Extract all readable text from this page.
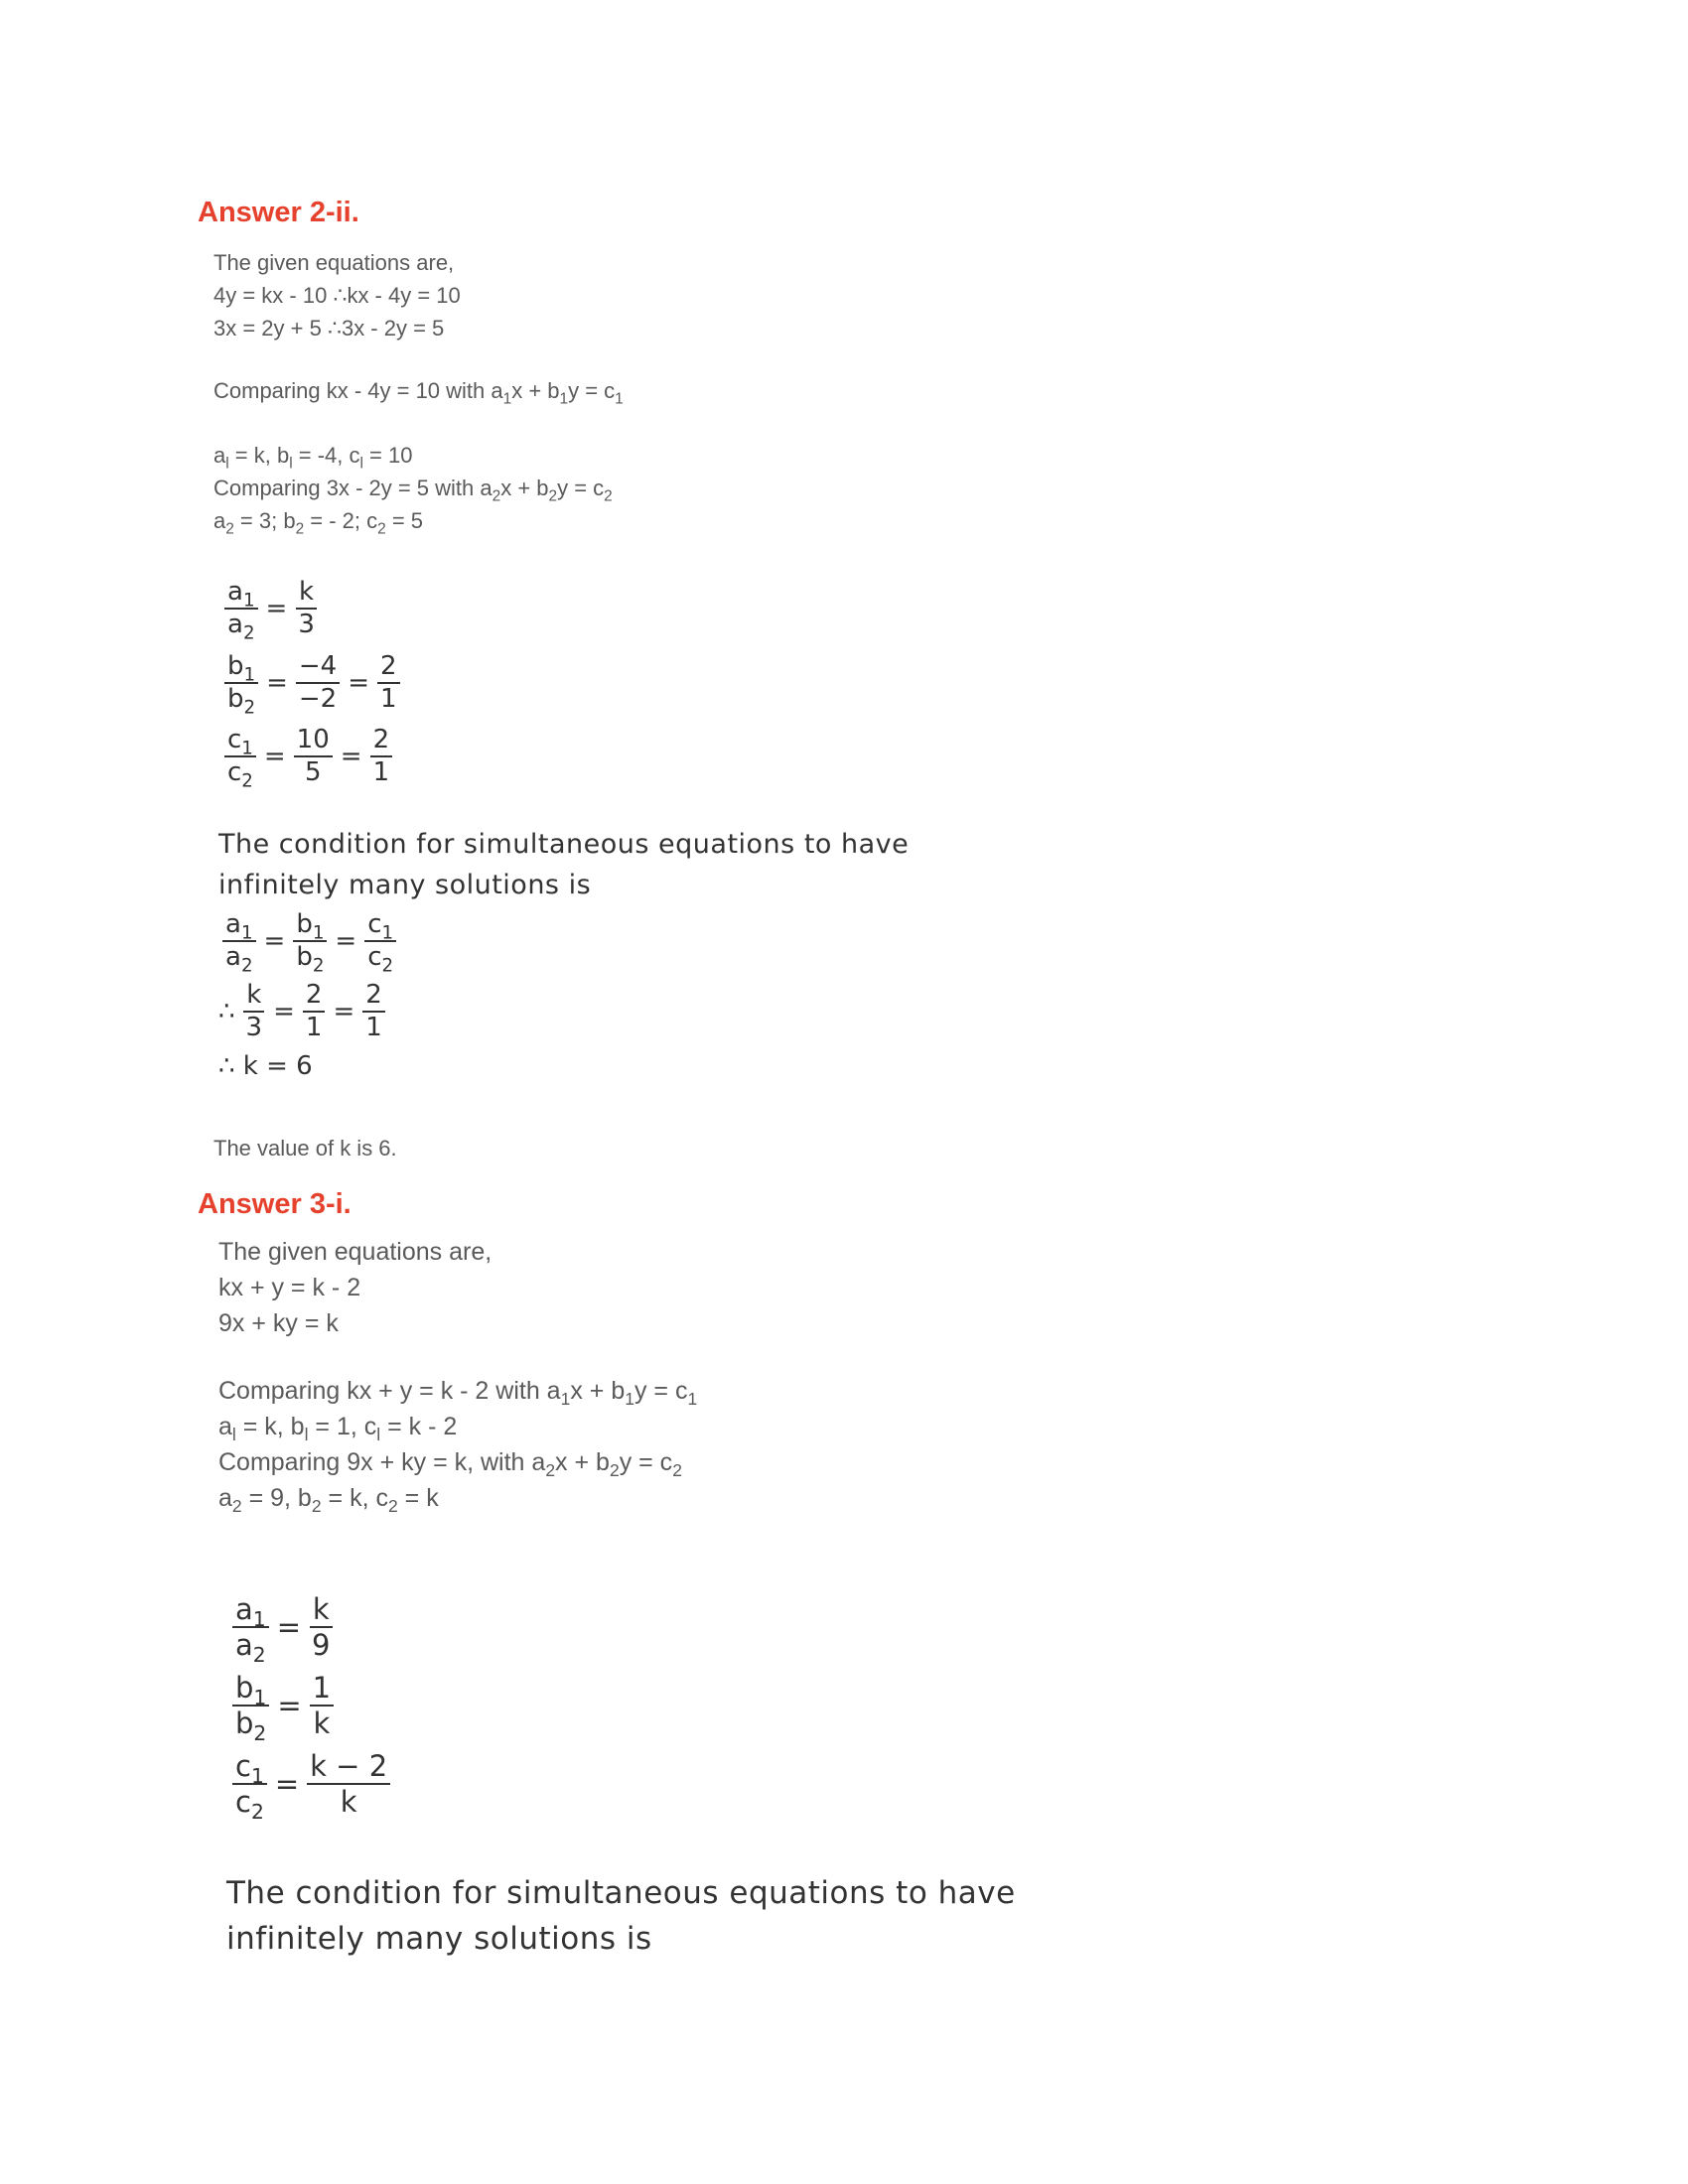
Answer 2-ii.
The given equations are,
4y = kx - 10 ∴kx - 4y = 10
3x = 2y + 5 ∴3x - 2y = 5
Comparing kx - 4y = 10 with $a_1x + b_1y = c_1$
$a_l = k$, $b_l = -4$, $c_l = 10$
Comparing 3x - 2y = 5 with $a_2x + b_2y = c_2$
$a_2 = 3$; $b_2$ = - 2; $c_2 = 5$
$\frac{a_1}{a_2} = \frac{k}{3}$
$\frac{b_1}{b_2} = \frac{-4}{-2} = \frac{2}{1}$
$\frac{c_1}{c_2} = \frac{10}{5} = \frac{2}{1}$
The condition for simultaneous equations to have
infinitely many solutions is
$\frac{a_1}{a_2} = \frac{b_1}{b_2} = \frac{c_1}{c_2}$
∴ $\frac{k}{3} = \frac{2}{1} = \frac{2}{1}$
∴ k = 6
The value of k is 6.
Answer 3-i.
The given equations are,
kx + y = k - 2
9x + ky = k
Comparing kx + y = k - 2 with $a_1x + b_1y = c_1$
$a_l = k$, $b_l = 1$, $c_l = k - 2$
Comparing 9x + ky = k, with $a_2x + b_2y = c_2$
$a_2 = 9$, $b_2 = k$, $c_2 = k$
$\frac{a_1}{a_2} = \frac{k}{9}$
$\frac{b_1}{b_2} = \frac{1}{k}$
$\frac{c_1}{c_2} = \frac{k - 2}{k}$
The condition for simultaneous equations to have
infinitely many solutions is
